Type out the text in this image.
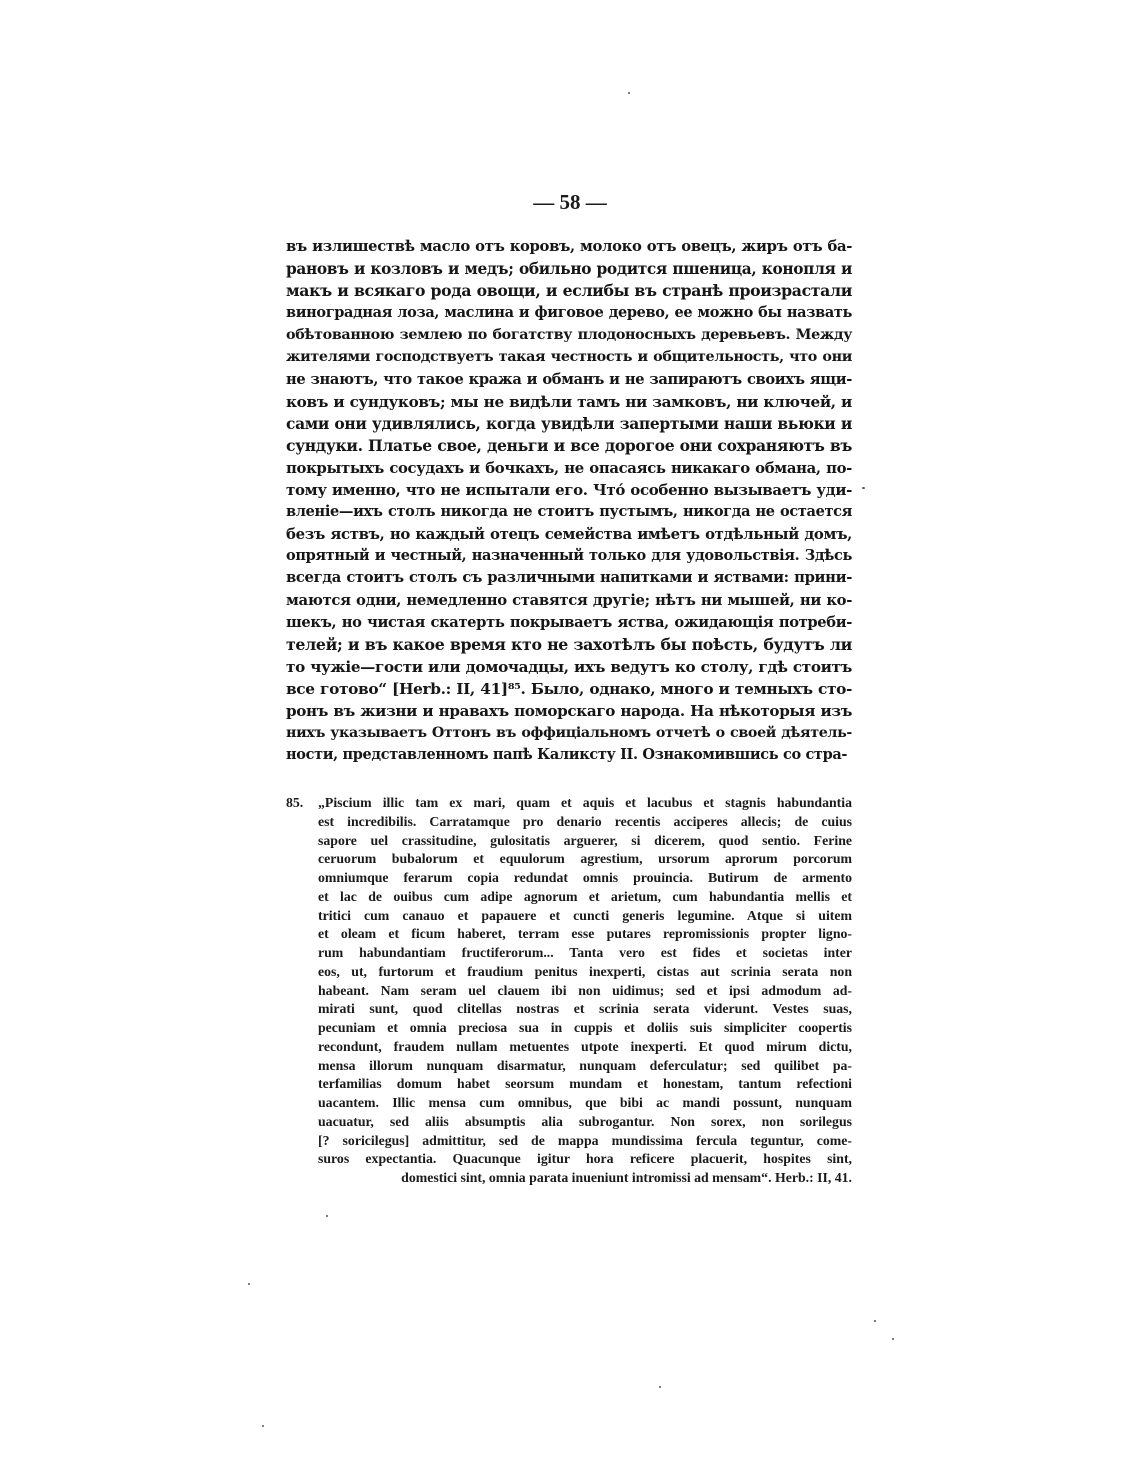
— 58 —
въ излишествѣ масло отъ коровъ, молоко отъ овецъ, жиръ отъ ба-
рановъ и козловъ и медъ; обильно родится пшеница, конопля и
макъ и всякаго рода овощи, и еслибы въ странѣ произрастали
виноградная лоза, маслина и фиговое дерево, ее можно бы назвать
обѣтованною землею по богатству плодоносныхъ деревьевъ. Между
жителями господствуетъ такая честность и общительность, что они
не знаютъ, что такое кража и обманъ и не запираютъ своихъ ящи-
ковъ и сундуковъ; мы не видѣли тамъ ни замковъ, ни ключей, и
сами они удивлялись, когда увидѣли запертыми наши вьюки и
сундуки. Платье свое, деньги и все дорогое они сохраняютъ въ
покрытыхъ сосудахъ и бочкахъ, не опасаясь никакаго обмана, по-
тому именно, что не испытали его. Что́ особенно вызываетъ уди-
вленіе—ихъ столъ никогда не стоитъ пустымъ, никогда не остается
безъ яствъ, но каждый отецъ семейства имѣетъ отдѣльный домъ,
опрятный и честный, назначенный только для удовольствія. Здѣсь
всегда стоитъ столъ съ различными напитками и яствами: прини-
маются одни, немедленно ставятся другіе; нѣтъ ни мышей, ни ко-
шекъ, но чистая скатерть покрываетъ яства, ожидающія потреби-
телей; и въ какое время кто не захотѣлъ бы поѣсть, будутъ ли
то чужіе—гости или домочадцы, ихъ ведутъ ко столу, гдѣ стоитъ
все готово“ [Herb.: II, 41]⁸⁵. Было, однако, много и темныхъ сто-
ронъ въ жизни и нравахъ поморскаго народа. На нѣкоторыя изъ
нихъ указываетъ Оттонъ въ оффиціальномъ отчетѣ о своей дѣятель-
ности, представленномъ папѣ Каликсту II. Ознакомившись со стра-
85. „Piscium illic tam ex mari, quam et aquis et lacubus et stagnis habundantia
est incredibilis. Carratamque pro denario recentis acciperes allecis; de cuius
sapore uel crassitudine, gulositatis arguerer, si dicerem, quod sentio. Ferine
ceruorum bubalorum et equulorum agrestium, ursorum aprorum porcorum
omniumque ferarum copia redundat omnis prouincia. Butirum de armento
et lac de ouibus cum adipe agnorum et arietum, cum habundantia mellis et
tritici cum canauo et papauere et cuncti generis legumine. Atque si uitem
et oleam et ficum haberet, terram esse putares repromissionis propter ligno-
rum habundantiam fructiferorum... Tanta vero est fides et societas inter
eos, ut, furtorum et fraudium penitus inexperti, cistas aut scrinia serata non
habeant. Nam seram uel clauem ibi non uidimus; sed et ipsi admodum ad-
mirati sunt, quod clitellas nostras et scrinia serata viderunt. Vestes suas,
pecuniam et omnia preciosa sua in cuppis et doliis suis simpliciter coopertis
recondunt, fraudem nullam metuentes utpote inexperti. Et quod mirum dictu,
mensa illorum nunquam disarmatur, nunquam deferculatur; sed quilibet pa-
terfamilias domum habet seorsum mundam et honestam, tantum refectioni
uacantem. Illic mensa cum omnibus, que bibi ac mandi possunt, nunquam
uacuatur, sed aliis absumptis alia subrogantur. Non sorex, non sorilegus
[? soricilegus] admittitur, sed de mappa mundissima fercula teguntur, come-
suros expectantia. Quacunque igitur hora reficere placuerit, hospites sint,
domestici sint, omnia parata inueniunt intromissi ad mensam“. Herb.: II, 41.
